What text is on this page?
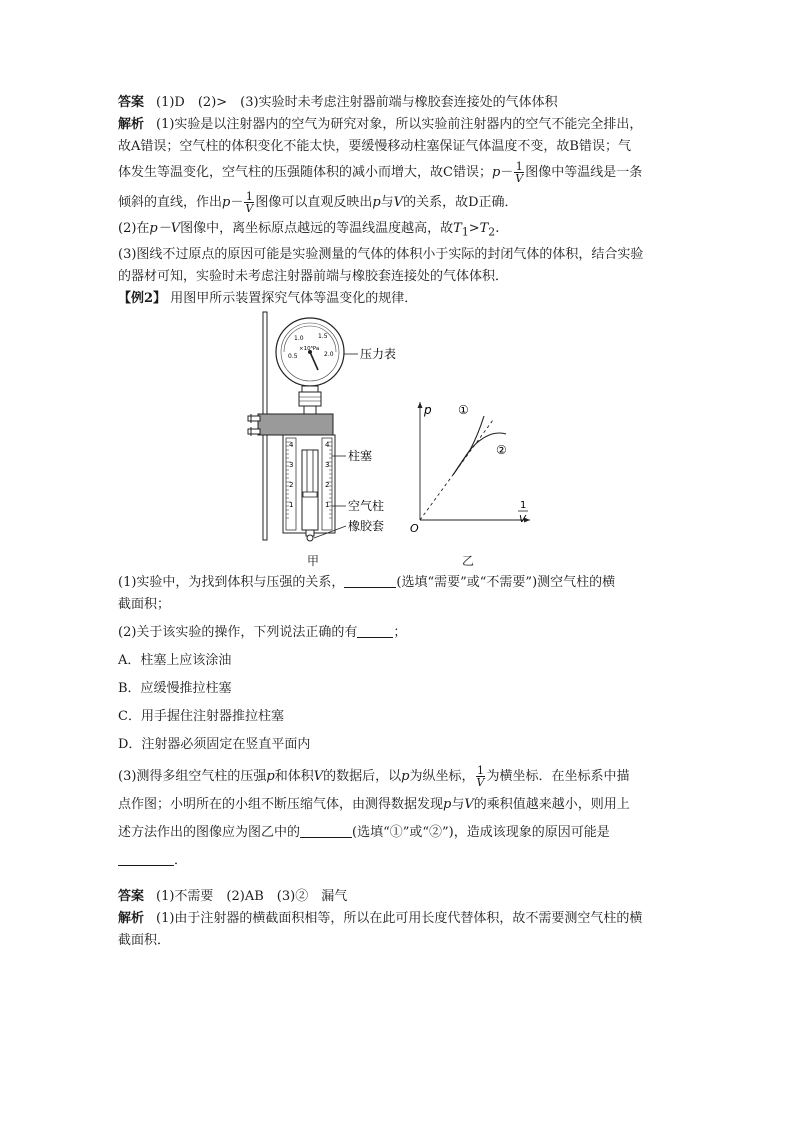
答案 (1)D　(2)>　(3)实验时未考虑注射器前端与橡胶套连接处的气体体积

解析 (1)实验是以注射器内的空气为研究对象，所以实验前注射器内的空气不能完全排出，

故A错误；空气柱的体积变化不能太快，要缓慢移动柱塞保证气体温度不变，故B错误；气

体发生等温变化，空气柱的压强随体积的减小而增大，故C错误；$p- \frac{1}{V}$ 图像中等温线是一条

倾斜的直线，作出$p- \frac{1}{V}$ 图像可以直观反映出p与V的关系，故D正确．

(2)在p－V图像中，离坐标原点越远的等温线温度越高，故$T_1>T_2$.

(3)图线不过原点的原因可能是实验测量的气体的体积小于实际的封闭气体的体积，结合实验

的器材可知，实验时未考虑注射器前端与橡胶套连接处的气体体积．

【例2】 用图甲所示装置探究气体等温变化的规律．

0.5
1.0 1.5
2.0
×10⁵Pa	压力表
4	4
3	3
2	2
1	1
柱塞
空气柱
橡胶套
p
1
V
O
①
②
甲	乙

(1)实验中，为找到体积与压强的关系，	(选填“需要”或“不需要”)测空气柱的横

截面积；

(2)关于该实验的操作，下列说法正确的有	；

A．柱塞上应该涂油

B．应缓慢推拉柱塞

C．用手握住注射器推拉柱塞

D．注射器必须固定在竖直平面内

(3)测得多组空气柱的压强p和体积V的数据后，以p为纵坐标， $\frac{1}{V}$ 为横坐标．在坐标系中描

点作图；小明所在的小组不断压缩气体，由测得数据发现p与V的乘积值越来越小，则用上

述方法作出的图像应为图乙中的	(选填“①”或“②”)，造成该现象的原因可能是

．

答案 (1)不需要　(2)AB　(3)②　漏气

解析 (1)由于注射器的横截面积相等，所以在此可用长度代替体积，故不需要测空气柱的横

截面积．
